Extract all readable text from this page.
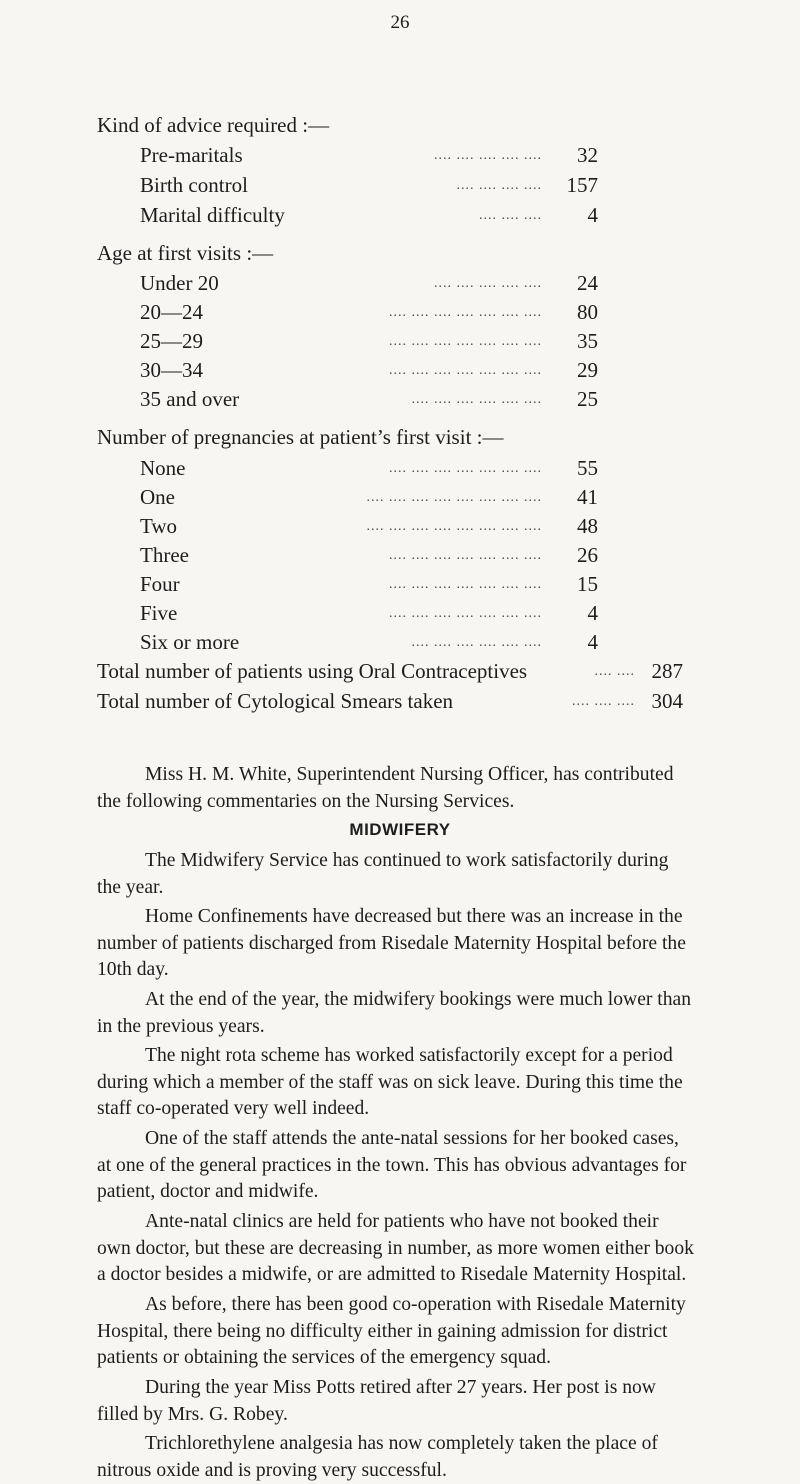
26
Kind of advice required :—
Pre-maritals	.... .... .... .... .... 32
Birth control	.... .... .... .... 157
Marital difficulty	.... .... .... 4
Age at first visits :—
Under 20	.... .... .... .... .... 24
20—24	.... .... .... .... .... .... .... 80
25—29	.... .... .... .... .... .... .... 35
30—34	.... .... .... .... .... .... .... 29
35 and over	.... .... .... .... .... .... 25
Number of pregnancies at patient’s first visit :—
None	.... .... .... .... .... .... .... 55
One	.... .... .... .... .... .... .... .... 41
Two	.... .... .... .... .... .... .... .... 48
Three	.... .... .... .... .... .... .... 26
Four	.... .... .... .... .... .... .... 15
Five	.... .... .... .... .... .... .... 4
Six or more	.... .... .... .... .... .... 4
Total number of patients using Oral Contraceptives	.... .... 287
Total number of Cytological Smears taken	.... .... .... 304

Miss H. M. White, Superintendent Nursing Officer, has contributed the following commentaries on the Nursing Services.

MIDWIFERY

The Midwifery Service has continued to work satisfactorily during the year.

Home Confinements have decreased but there was an increase in the number of patients discharged from Risedale Maternity Hospital before the 10th day.

At the end of the year, the midwifery bookings were much lower than in the previous years.

The night rota scheme has worked satisfactorily except for a period during which a member of the staff was on sick leave. During this time the staff co-operated very well indeed.

One of the staff attends the ante-natal sessions for her booked cases, at one of the general practices in the town. This has obvious advantages for patient, doctor and midwife.

Ante-natal clinics are held for patients who have not booked their own doctor, but these are decreasing in number, as more women either book a doctor besides a midwife, or are admitted to Risedale Maternity Hospital.

As before, there has been good co-operation with Risedale Maternity Hospital, there being no difficulty either in gaining admission for district patients or obtaining the services of the emergency squad.

During the year Miss Potts retired after 27 years. Her post is now filled by Mrs. G. Robey.

Trichlorethylene analgesia has now completely taken the place of nitrous oxide and is proving very successful.
